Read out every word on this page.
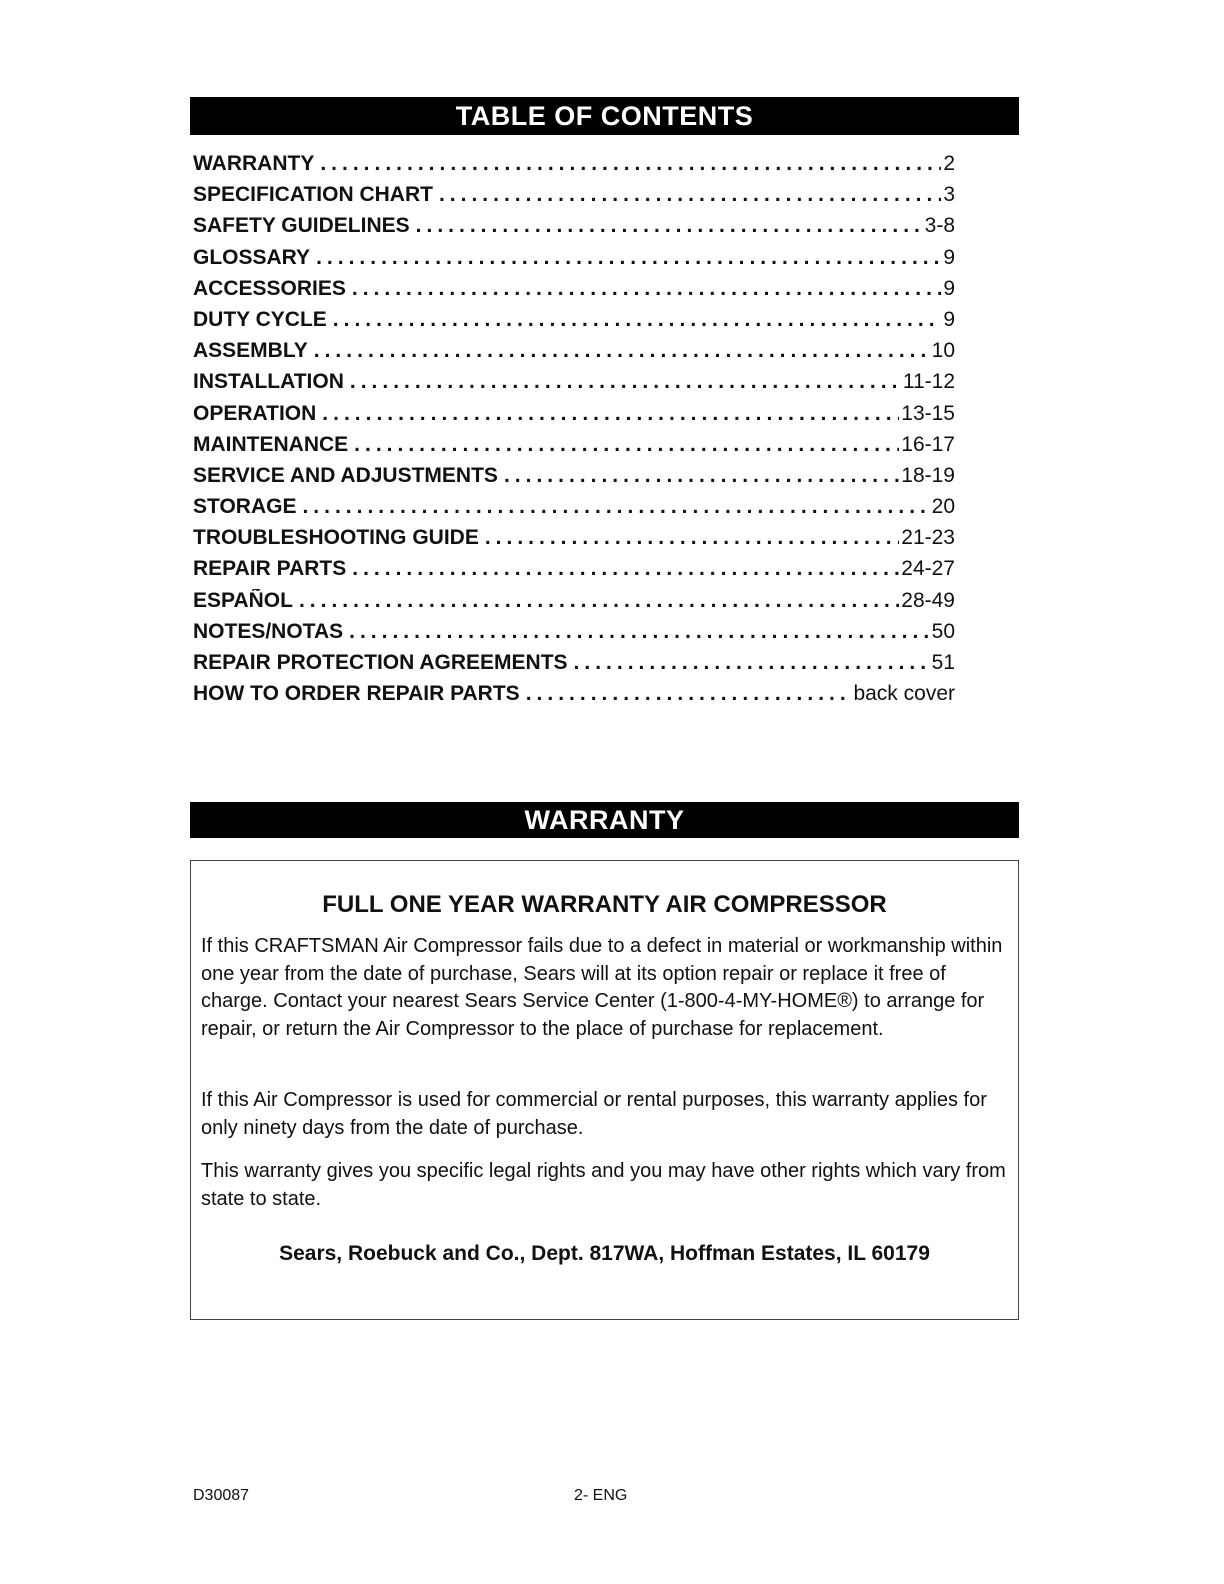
TABLE OF CONTENTS
WARRANTY .....	2
SPECIFICATION CHART .....	3
SAFETY GUIDELINES .....	3-8
GLOSSARY .....	9
ACCESSORIES .....	9
DUTY CYCLE .....	9
ASSEMBLY .....	10
INSTALLATION .....	11-12
OPERATION .....	13-15
MAINTENANCE .....	16-17
SERVICE AND ADJUSTMENTS .....	18-19
STORAGE .....	20
TROUBLESHOOTING GUIDE .....	21-23
REPAIR PARTS .....	24-27
ESPAÑOL .....	28-49
NOTES/NOTAS .....	50
REPAIR PROTECTION AGREEMENTS .....	51
HOW TO ORDER REPAIR PARTS .....	back cover
WARRANTY
FULL ONE YEAR WARRANTY AIR COMPRESSOR

If this CRAFTSMAN Air Compressor fails due to a defect in material or workmanship within one year from the date of purchase, Sears will at its option repair or replace it free of charge. Contact your nearest Sears Service Center (1-800-4-MY-HOME®) to arrange for repair, or return the Air Compressor to the place of purchase for replacement.

If this Air Compressor is used for commercial or rental purposes, this warranty applies for only ninety days from the date of purchase.

This warranty gives you specific legal rights and you may have other rights which vary from state to state.

Sears, Roebuck and Co., Dept. 817WA, Hoffman Estates, IL 60179

D30087	2- ENG
